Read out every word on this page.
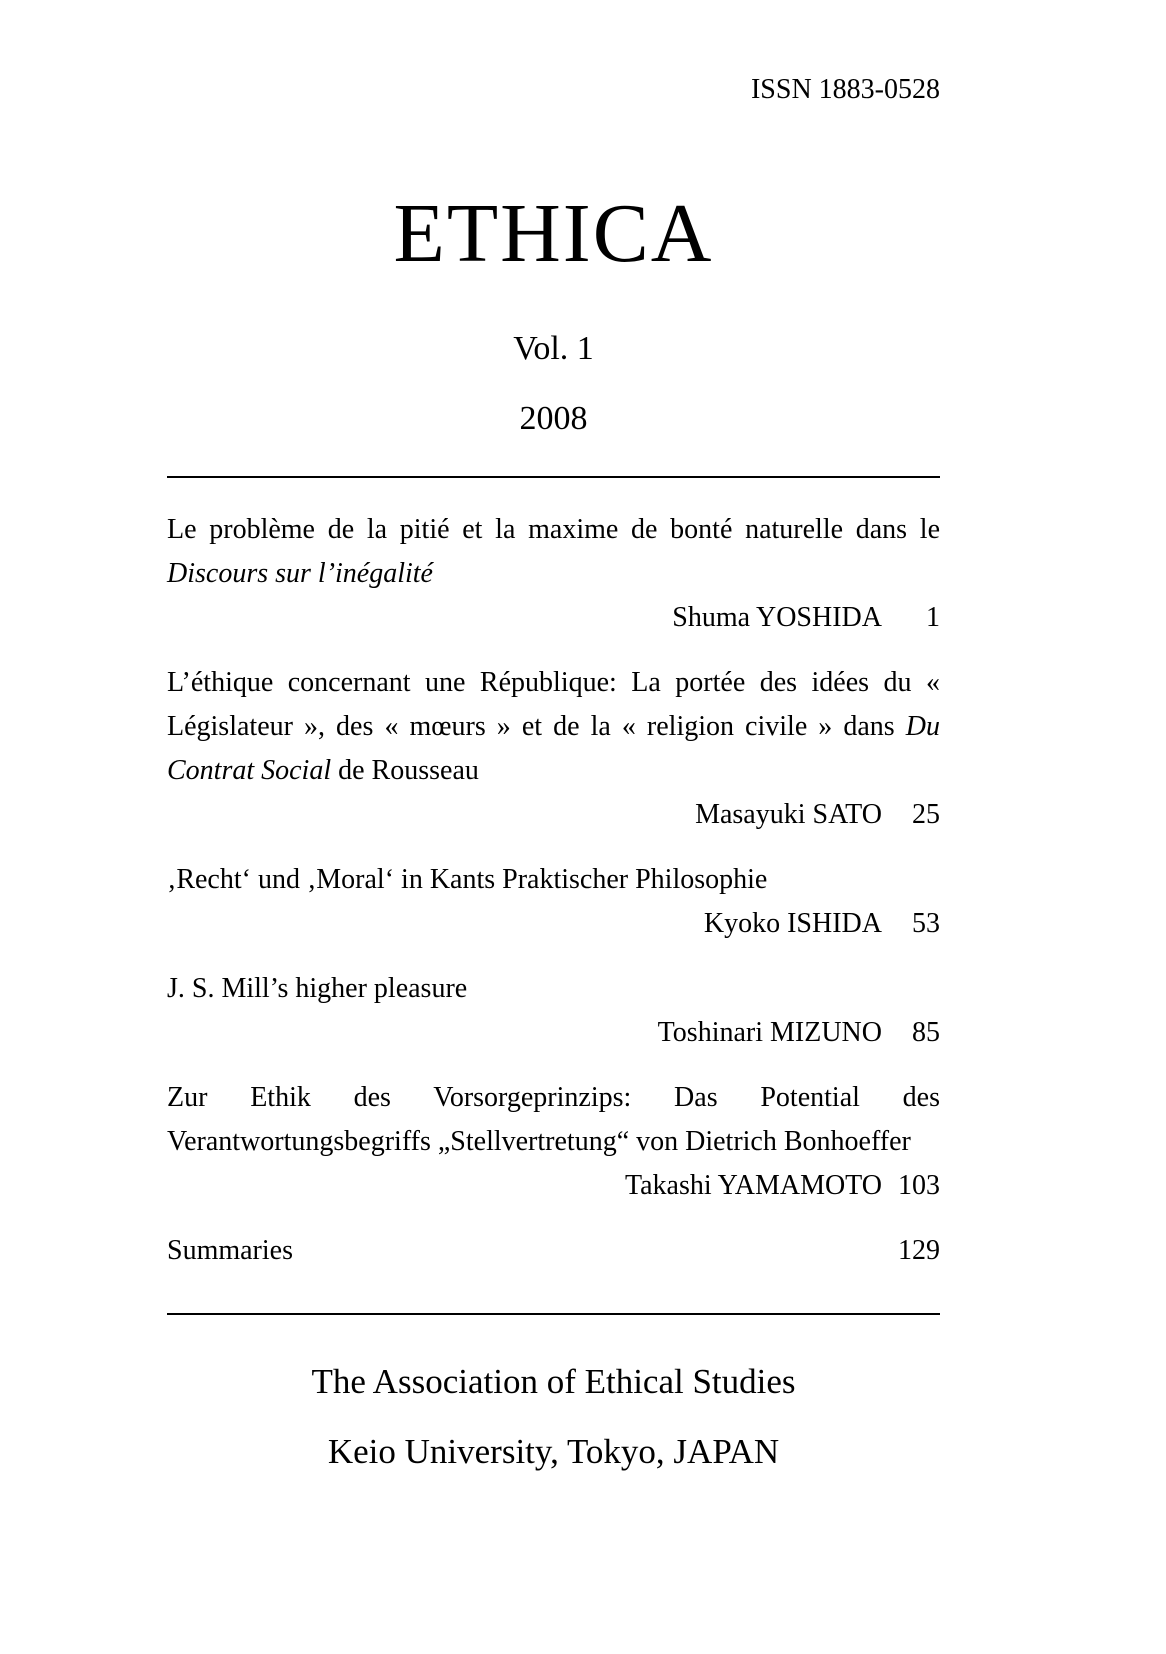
ISSN 1883-0528
ETHICA
Vol. 1
2008

Le problème de la pitié et la maxime de bonté naturelle dans le Discours sur l’inégalité

Shuma YOSHIDA	1

L’éthique concernant une République: La portée des idées du « Législateur », des « mœurs » et de la « religion civile » dans Du Contrat Social de Rousseau

Masayuki SATO	25

‚Recht‘ und ‚Moral‘ in Kants Praktischer Philosophie

Kyoko ISHIDA	53

J. S. Mill’s higher pleasure

Toshinari MIZUNO	85

Zur Ethik des Vorsorgeprinzips: Das Potential des Verantwortungsbegriffs „Stellvertretung“ von Dietrich Bonhoeffer

Takashi YAMAMOTO 103

Summaries	129

The Association of Ethical Studies
Keio University, Tokyo, JAPAN
